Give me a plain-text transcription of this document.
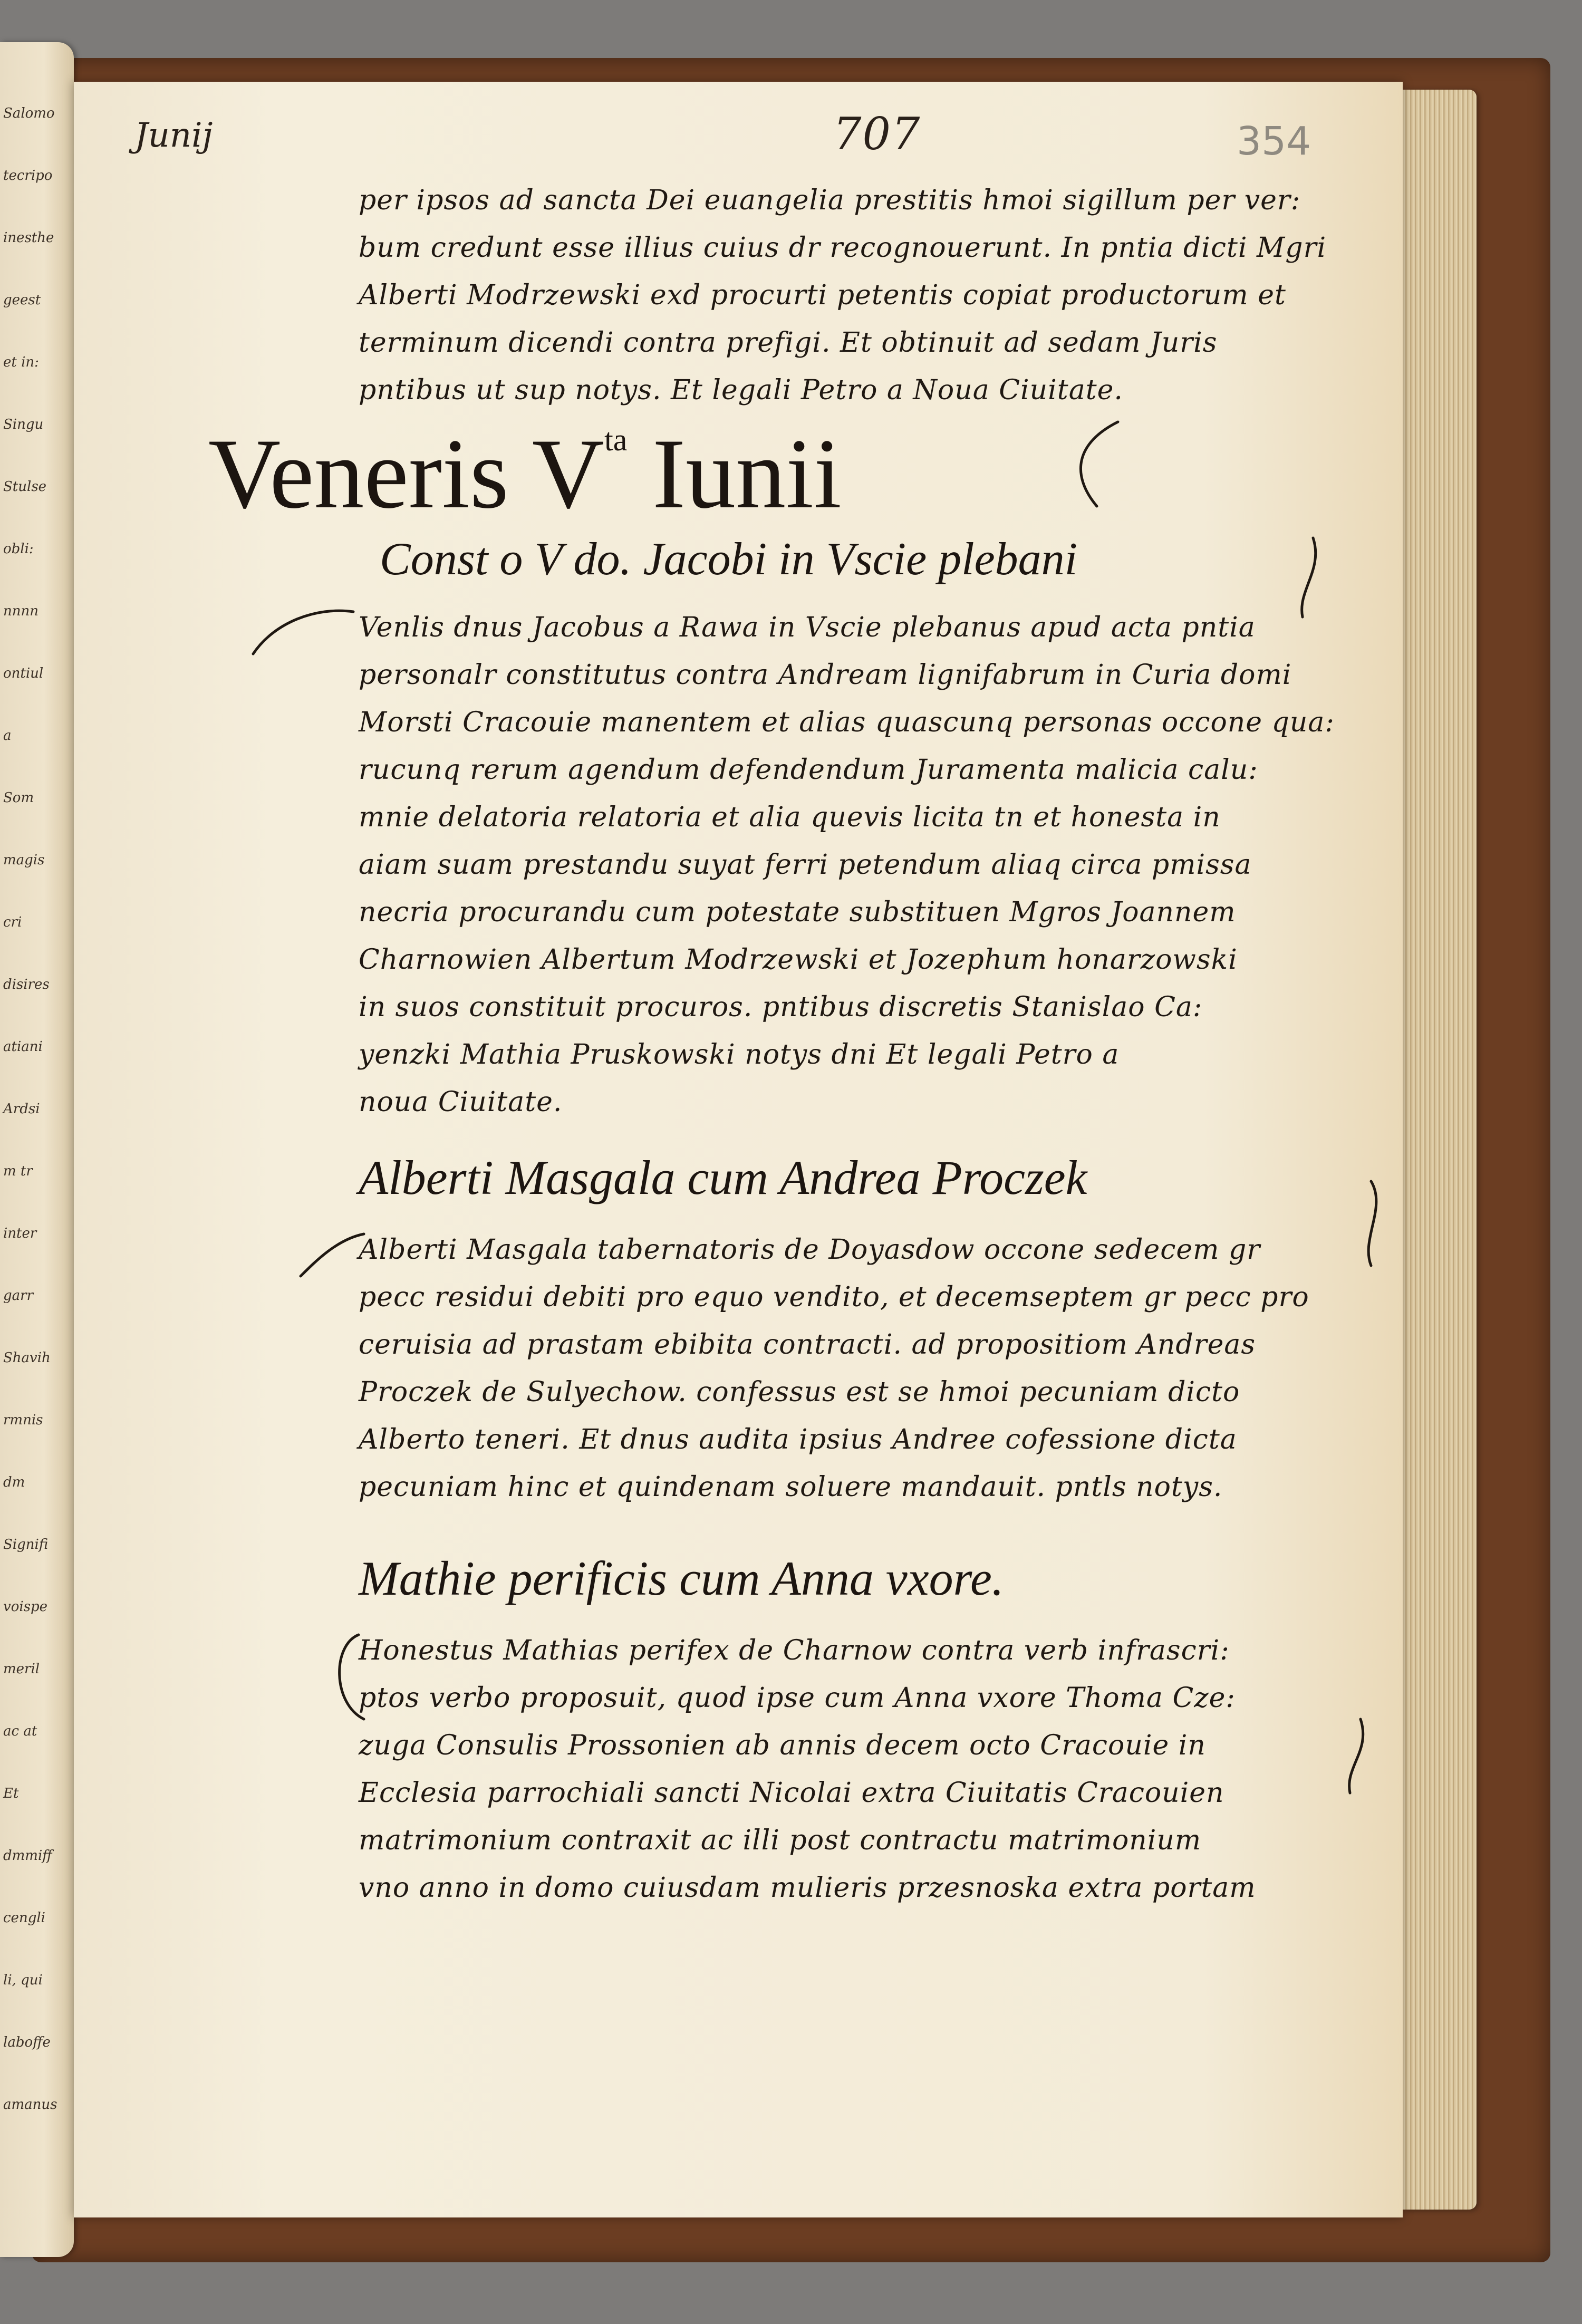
Salomo
tecripo
inesthe
geest
et in:
Singu
Stulse
obli:
nnnn
ontiul
a
Som
magis
cri
disires
atiani
Ardsi
m tr
inter
garr
Shavih
rmnis
dm
Signifi
voispe
meril
ac at
Et
dmmiff
cengli
li, qui
laboffe
amanus
Junij	707	354
per ipsos ad sancta Dei euangelia prestitis hmoi sigillum per ver:
bum credunt esse illius cuius dr recognouerunt. In pntia dicti Mgri
Alberti Modrzewski exd procurti petentis copiat productorum et
terminum dicendi contra prefigi. Et obtinuit ad sedam Juris
pntibus ut sup notys. Et legali Petro a Noua Ciuitate.
Veneris $V^{ta}$ Iunii
Const o V do. Jacobi in Vscie plebani
Venlis dnus Jacobus a Rawa in Vscie plebanus apud acta pntia
personalr constitutus contra Andream lignifabrum in Curia domi
Morsti Cracouie manentem et alias quascunq personas occone qua:
rucunq rerum agendum defendendum Juramenta malicia calu:
mnie delatoria relatoria et alia quevis licita tn et honesta in
aiam suam prestandu suyat ferri petendum aliaq circa pmissa
necria procurandu cum potestate substituen Mgros Joannem
Charnowien Albertum Modrzewski et Jozephum honarzowski
in suos constituit procuros. pntibus discretis Stanislao Ca:
yenzki Mathia Pruskowski notys dni Et legali Petro a
noua Ciuitate.
Alberti Masgala cum Andrea Proczek
Alberti Masgala tabernatoris de Doyasdow occone sedecem gr
pecc residui debiti pro equo vendito, et decemseptem gr pecc pro
ceruisia ad prastam ebibita contracti. ad propositiom Andreas
Proczek de Sulyechow. confessus est se hmoi pecuniam dicto
Alberto teneri. Et dnus audita ipsius Andree cofessione dicta
pecuniam hinc et quindenam soluere mandauit. pntls notys.
Mathie perificis cum Anna vxore.
Honestus Mathias perifex de Charnow contra verb infrascri:
ptos verbo proposuit, quod ipse cum Anna vxore Thoma Cze:
zuga Consulis Prossonien ab annis decem octo Cracouie in
Ecclesia parrochiali sancti Nicolai extra Ciuitatis Cracouien
matrimonium contraxit ac illi post contractu matrimonium
vno anno in domo cuiusdam mulieris przesnoska extra portam
